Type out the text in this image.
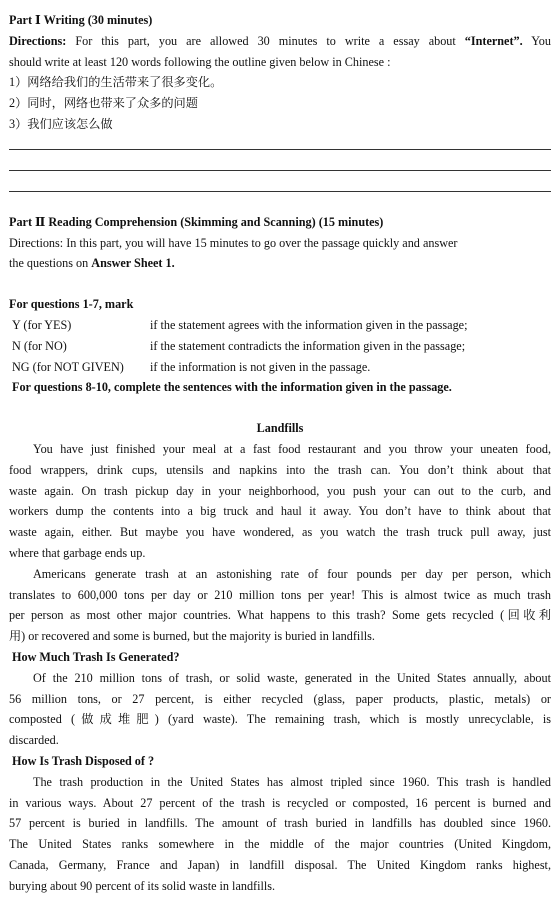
Part Ⅰ Writing (30 minutes)
Directions: For this part, you are allowed 30 minutes to write a essay about “Internet”. You
should write at least 120 words following the outline given below in Chinese :
1）网络给我们的生活带来了很多变化。
2）同时，网络也带来了众多的问题
3）我们应该怎么做
Part Ⅱ Reading Comprehension (Skimming and Scanning) (15 minutes)
Directions: In this part, you will have 15 minutes to go over the passage quickly and answer
the questions on Answer Sheet 1.
For questions 1-7, mark
Y (for YES)	if the statement agrees with the information given in the passage;
N (for NO)	if the statement contradicts the information given in the passage;
NG (for NOT GIVEN)	if the information is not given in the passage.
For questions 8-10, complete the sentences with the information given in the passage.
Landfills
You have just finished your meal at a fast food restaurant and you throw your uneaten food,
food wrappers, drink cups, utensils and napkins into the trash can. You don’t think about that
waste again. On trash pickup day in your neighborhood, you push your can out to the curb, and
workers dump the contents into a big truck and haul it away. You don’t have to think about that
waste again, either. But maybe you have wondered, as you watch the trash truck pull away, just
where that garbage ends up.
Americans generate trash at an astonishing rate of four pounds per day per person, which
translates to 600,000 tons per day or 210 million tons per year! This is almost twice as much trash
per person as most other major countries. What happens to this trash? Some gets recycled (回收利
用) or recovered and some is burned, but the majority is buried in landfills.
How Much Trash Is Generated?
Of the 210 million tons of trash, or solid waste, generated in the United States annually, about
56 million tons, or 27 percent, is either recycled (glass, paper products, plastic, metals) or
composted (做成堆肥) (yard waste). The remaining trash, which is mostly unrecyclable, is
discarded.
How Is Trash Disposed of ?
The trash production in the United States has almost tripled since 1960. This trash is handled
in various ways. About 27 percent of the trash is recycled or composted, 16 percent is burned and
57 percent is buried in landfills. The amount of trash buried in landfills has doubled since 1960.
The United States ranks somewhere in the middle of the major countries (United Kingdom,
Canada, Germany, France and Japan) in landfill disposal. The United Kingdom ranks highest,
burying about 90 percent of its solid waste in landfills.
